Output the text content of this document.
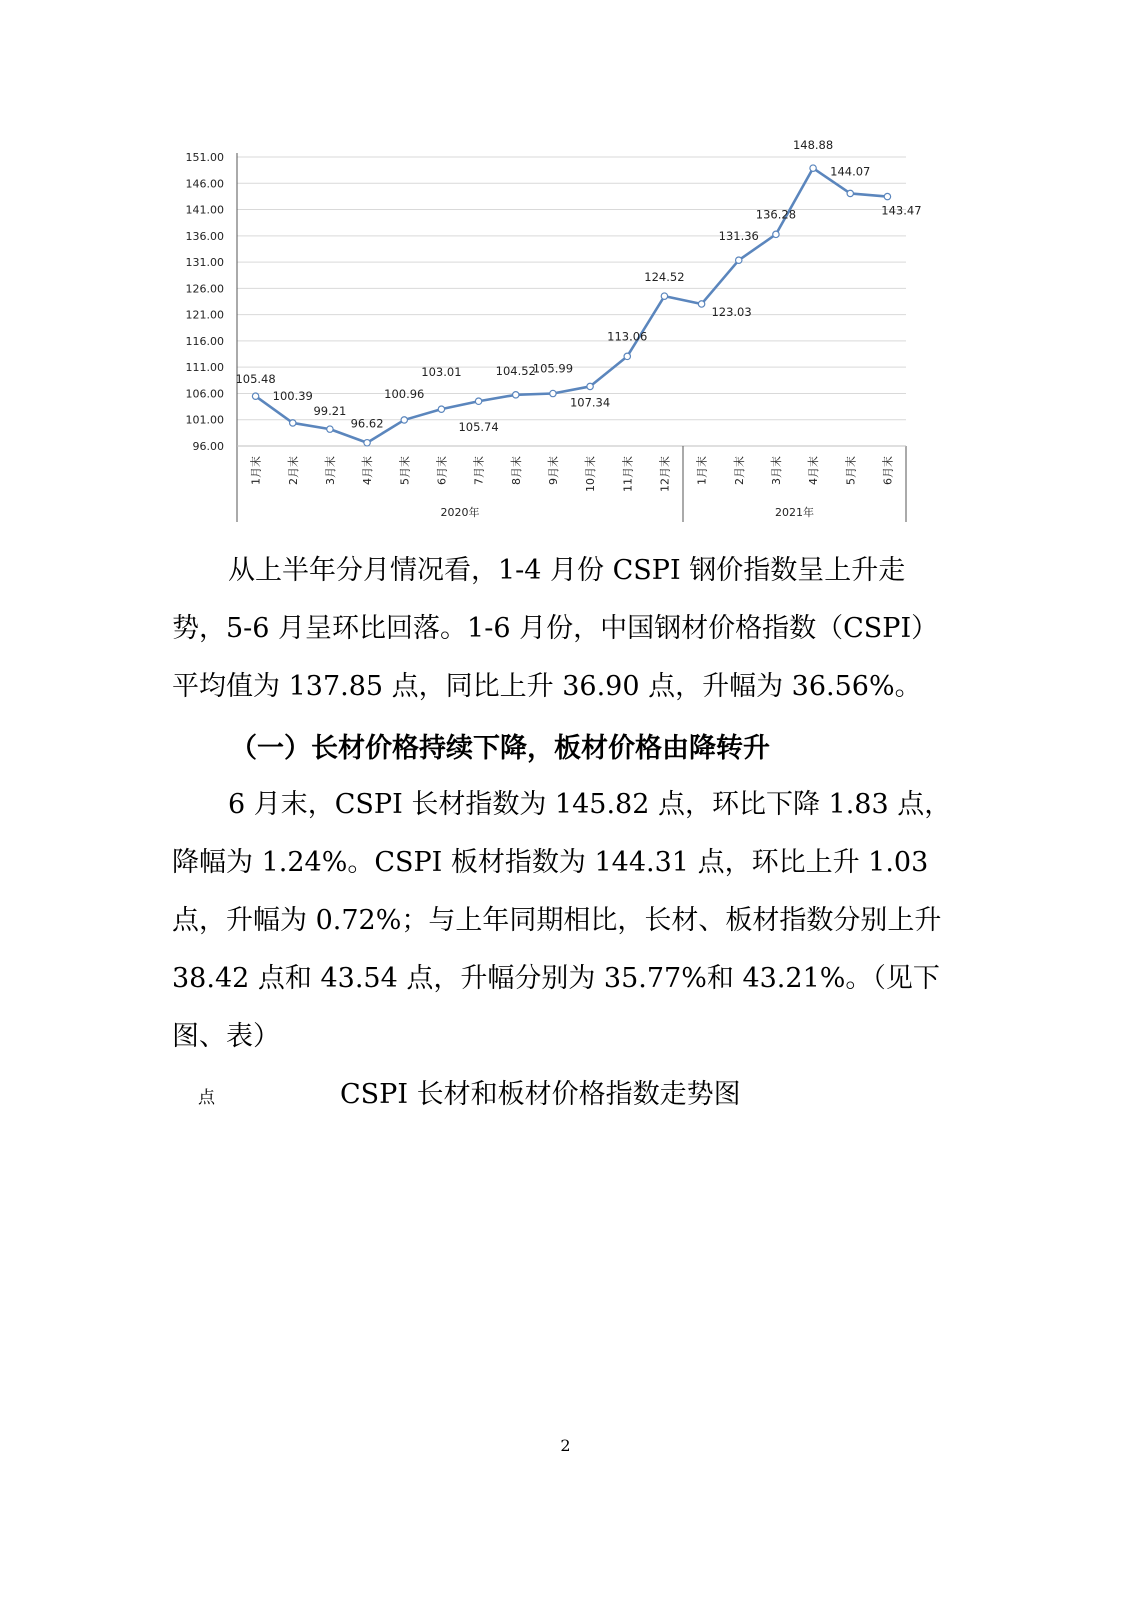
96.00
101.00
106.00
111.00
116.00
121.00
126.00
131.00
136.00
141.00
146.00
151.00
2020年	2021年
1月末 2月末 3月末 4月末 5月末 6月末 7月末 8月末 9月末 10月末 11月末 12月末 1月末 2月末 3月末 4月末 5月末 6月末
105.48
100.39
99.21
96.62
100.96
103.01
105.74
104.52
105.99
107.34
113.06
124.52
123.03
131.36
136.28
148.88
144.07
143.47
从上半年分月情况看，1-4 月份 CSPI 钢价指数呈上升走势，5-6 月呈环比回落。1-6 月份，中国钢材价格指数（CSPI）平均值为 137.85 点，同比上升 36.90 点，升幅为 36.56%。
（一）长材价格持续下降，板材价格由降转升
6 月末，CSPI 长材指数为 145.82 点，环比下降 1.83 点，降幅为 1.24%。CSPI 板材指数为 144.31 点，环比上升 1.03 点，升幅为 0.72%；与上年同期相比，长材、板材指数分别上升 38.42 点和 43.54 点，升幅分别为 35.77%和 43.21%。（见下图、表）
点	CSPI 长材和板材价格指数走势图
2
